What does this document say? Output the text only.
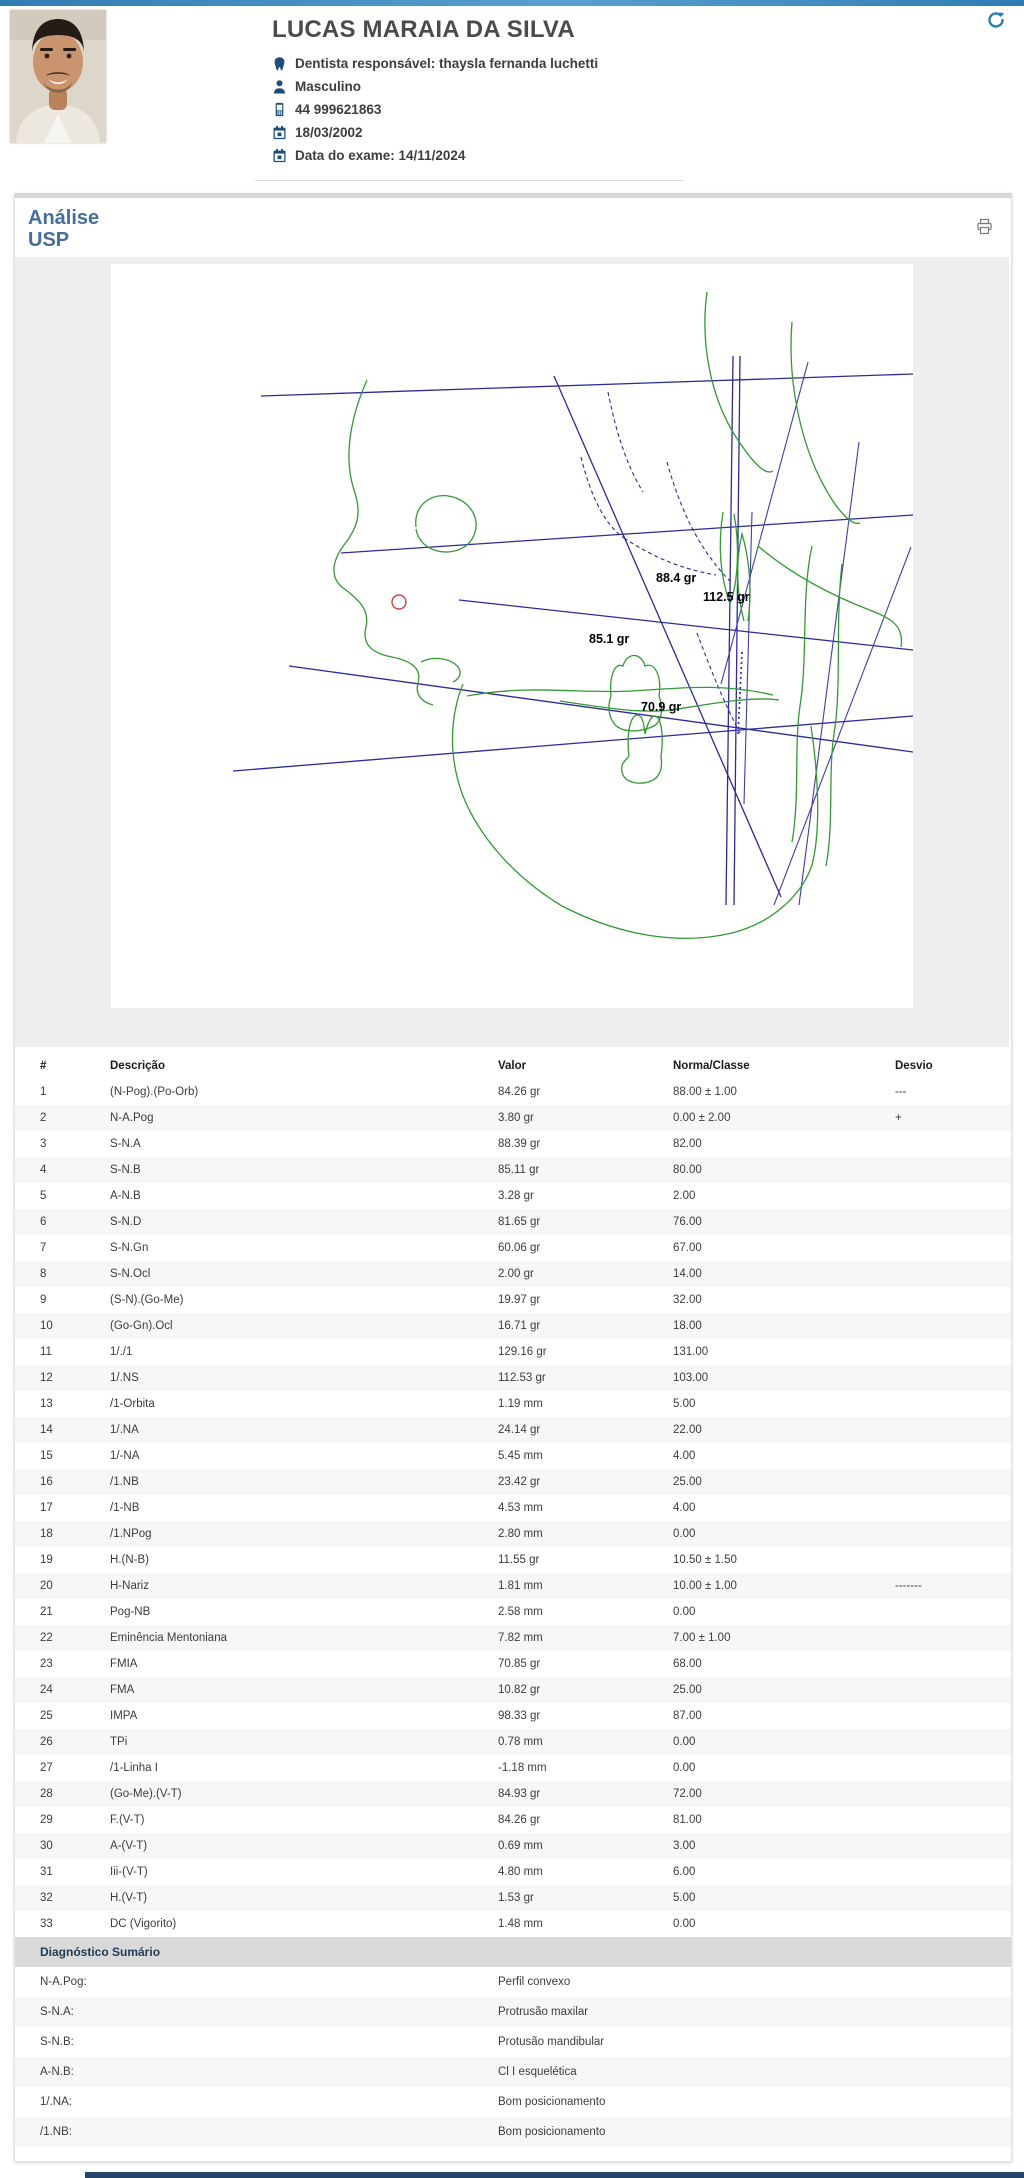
LUCAS MARAIA DA SILVA
Dentista responsável: thaysla fernanda luchetti
Masculino
44 999621863
18/03/2002
Data do exame: 14/11/2024
Análise
USP
88.4 gr
112.5 gr
85.1 gr
70.9 gr
#	Descrição	Valor	Norma/Classe	Desvio
1	(N-Pog).(Po-Orb)	84.26 gr	88.00 ± 1.00	---
2	N-A.Pog	3.80 gr	0.00 ± 2.00	+
3	S-N.A	88.39 gr	82.00
4	S-N.B	85.11 gr	80.00
5	A-N.B	3.28 gr	2.00
6	S-N.D	81.65 gr	76.00
7	S-N.Gn	60.06 gr	67.00
8	S-N.Ocl	2.00 gr	14.00
9	(S-N).(Go-Me)	19.97 gr	32.00
10	(Go-Gn).Ocl	16.71 gr	18.00
11	1/./1	129.16 gr	131.00
12	1/.NS	112.53 gr	103.00
13	/1-Orbita	1.19 mm	5.00
14	1/.NA	24.14 gr	22.00
15	1/-NA	5.45 mm	4.00
16	/1.NB	23.42 gr	25.00
17	/1-NB	4.53 mm	4.00
18	/1.NPog	2.80 mm	0.00
19	H.(N-B)	11.55 gr	10.50 ± 1.50
20	H-Nariz	1.81 mm	10.00 ± 1.00	-------
21	Pog-NB	2.58 mm	0.00
22	Eminência Mentoniana	7.82 mm	7.00 ± 1.00
23	FMIA	70.85 gr	68.00
24	FMA	10.82 gr	25.00
25	IMPA	98.33 gr	87.00
26	TPi	0.78 mm	0.00
27	/1-Linha I	-1.18 mm	0.00
28	(Go-Me).(V-T)	84.93 gr	72.00
29	F.(V-T)	84.26 gr	81.00
30	A-(V-T)	0.69 mm	3.00
31	Iii-(V-T)	4.80 mm	6.00
32	H.(V-T)	1.53 gr	5.00
33	DC (Vigorito)	1.48 mm	0.00
Diagnóstico Sumário
N-A.Pog:	Perfil convexo
S-N.A:	Protrusão maxilar
S-N.B:	Protusão mandibular
A-N.B:	Cl I esquelética
1/.NA:	Bom posicionamento
/1.NB:	Bom posicionamento
